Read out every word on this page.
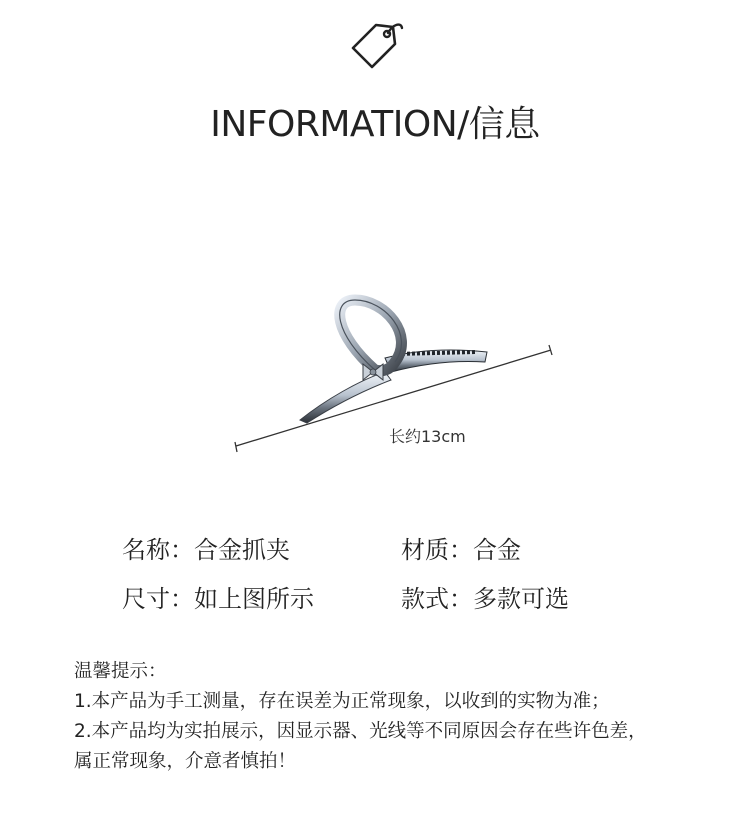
INFORMATION/信息
长约13cm
名称：合金抓夹	材质：合金
尺寸：如上图所示	款式：多款可选
温馨提示：
1.本产品为手工测量，存在误差为正常现象，以收到的实物为准；
2.本产品均为实拍展示，因显示器、光线等不同原因会存在些许色差，
属正常现象，介意者慎拍！
